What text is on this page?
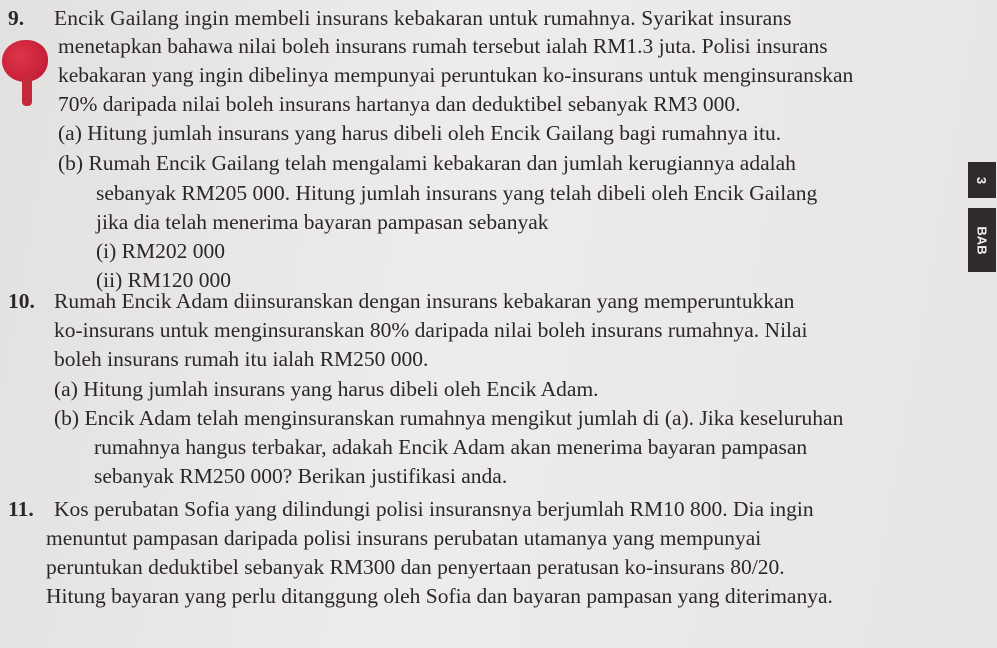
3
BAB
9. Encik Gailang ingin membeli insurans kebakaran untuk rumahnya. Syarikat insurans
menetapkan bahawa nilai boleh insurans rumah tersebut ialah RM1.3 juta. Polisi insurans
kebakaran yang ingin dibelinya mempunyai peruntukan ko-insurans untuk menginsuranskan
70% daripada nilai boleh insurans hartanya dan deduktibel sebanyak RM3 000.
(a) Hitung jumlah insurans yang harus dibeli oleh Encik Gailang bagi rumahnya itu.
(b) Rumah Encik Gailang telah mengalami kebakaran dan jumlah kerugiannya adalah
sebanyak RM205 000. Hitung jumlah insurans yang telah dibeli oleh Encik Gailang
jika dia telah menerima bayaran pampasan sebanyak
(i) RM202 000
(ii) RM120 000
10. Rumah Encik Adam diinsuranskan dengan insurans kebakaran yang memperuntukkan
ko-insurans untuk menginsuranskan 80% daripada nilai boleh insurans rumahnya. Nilai
boleh insurans rumah itu ialah RM250 000.
(a) Hitung jumlah insurans yang harus dibeli oleh Encik Adam.
(b) Encik Adam telah menginsuranskan rumahnya mengikut jumlah di (a). Jika keseluruhan
rumahnya hangus terbakar, adakah Encik Adam akan menerima bayaran pampasan
sebanyak RM250 000? Berikan justifikasi anda.
11. Kos perubatan Sofia yang dilindungi polisi insuransnya berjumlah RM10 800. Dia ingin
menuntut pampasan daripada polisi insurans perubatan utamanya yang mempunyai
peruntukan deduktibel sebanyak RM300 dan penyertaan peratusan ko-insurans 80/20.
Hitung bayaran yang perlu ditanggung oleh Sofia dan bayaran pampasan yang diterimanya.
